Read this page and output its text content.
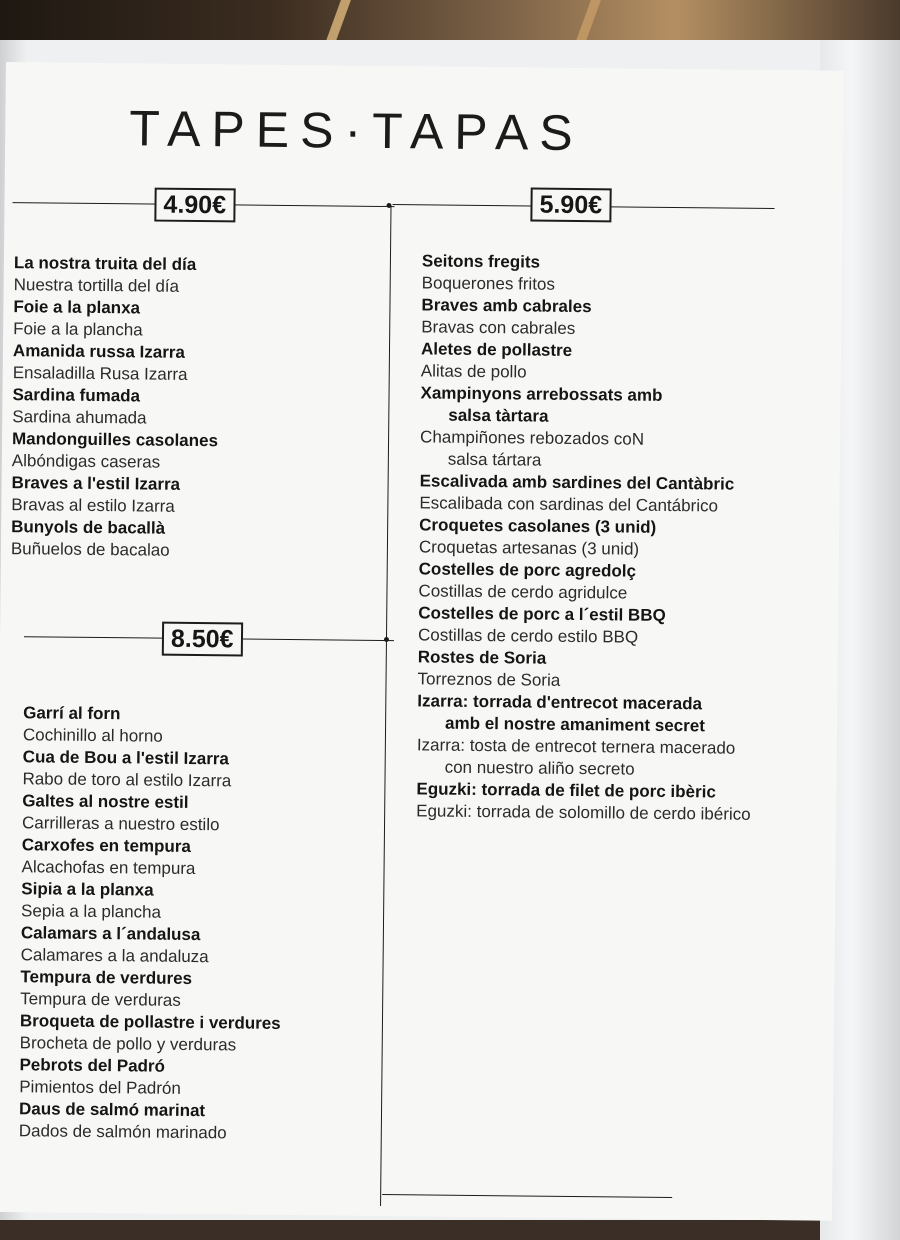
TAPES·TAPAS
4.90€	5.90€
8.50€
La nostra truita del día
Nuestra tortilla del día
Foie a la planxa
Foie a la plancha
Amanida russa Izarra
Ensaladilla Rusa Izarra
Sardina fumada
Sardina ahumada
Mandonguilles casolanes
Albóndigas caseras
Braves a l'estil Izarra
Bravas al estilo Izarra
Bunyols de bacallà
Buñuelos de bacalao
Garrí al forn
Cochinillo al horno
Cua de Bou a l'estil Izarra
Rabo de toro al estilo Izarra
Galtes al nostre estil
Carrilleras a nuestro estilo
Carxofes en tempura
Alcachofas en tempura
Sipia a la planxa
Sepia a la plancha
Calamars a l´andalusa
Calamares a la andaluza
Tempura de verdures
Tempura de verduras
Broqueta de pollastre i verdures
Brocheta de pollo y verduras
Pebrots del Padró
Pimientos del Padrón
Daus de salmó marinat
Dados de salmón marinado
Seitons fregits
Boquerones fritos
Braves amb cabrales
Bravas con cabrales
Aletes de pollastre
Alitas de pollo
Xampinyons arrebossats amb
salsa tàrtara
Champiñones rebozados coN
salsa tártara
Escalivada amb sardines del Cantàbric
Escalibada con sardinas del Cantábrico
Croquetes casolanes (3 unid)
Croquetas artesanas (3 unid)
Costelles de porc agredolç
Costillas de cerdo agridulce
Costelles de porc a l´estil BBQ
Costillas de cerdo estilo BBQ
Rostes de Soria
Torreznos de Soria
Izarra: torrada d'entrecot macerada
amb el nostre amaniment secret
Izarra: tosta de entrecot ternera macerado
con nuestro aliño secreto
Eguzki: torrada de filet de porc ibèric
Eguzki: torrada de solomillo de cerdo ibérico
